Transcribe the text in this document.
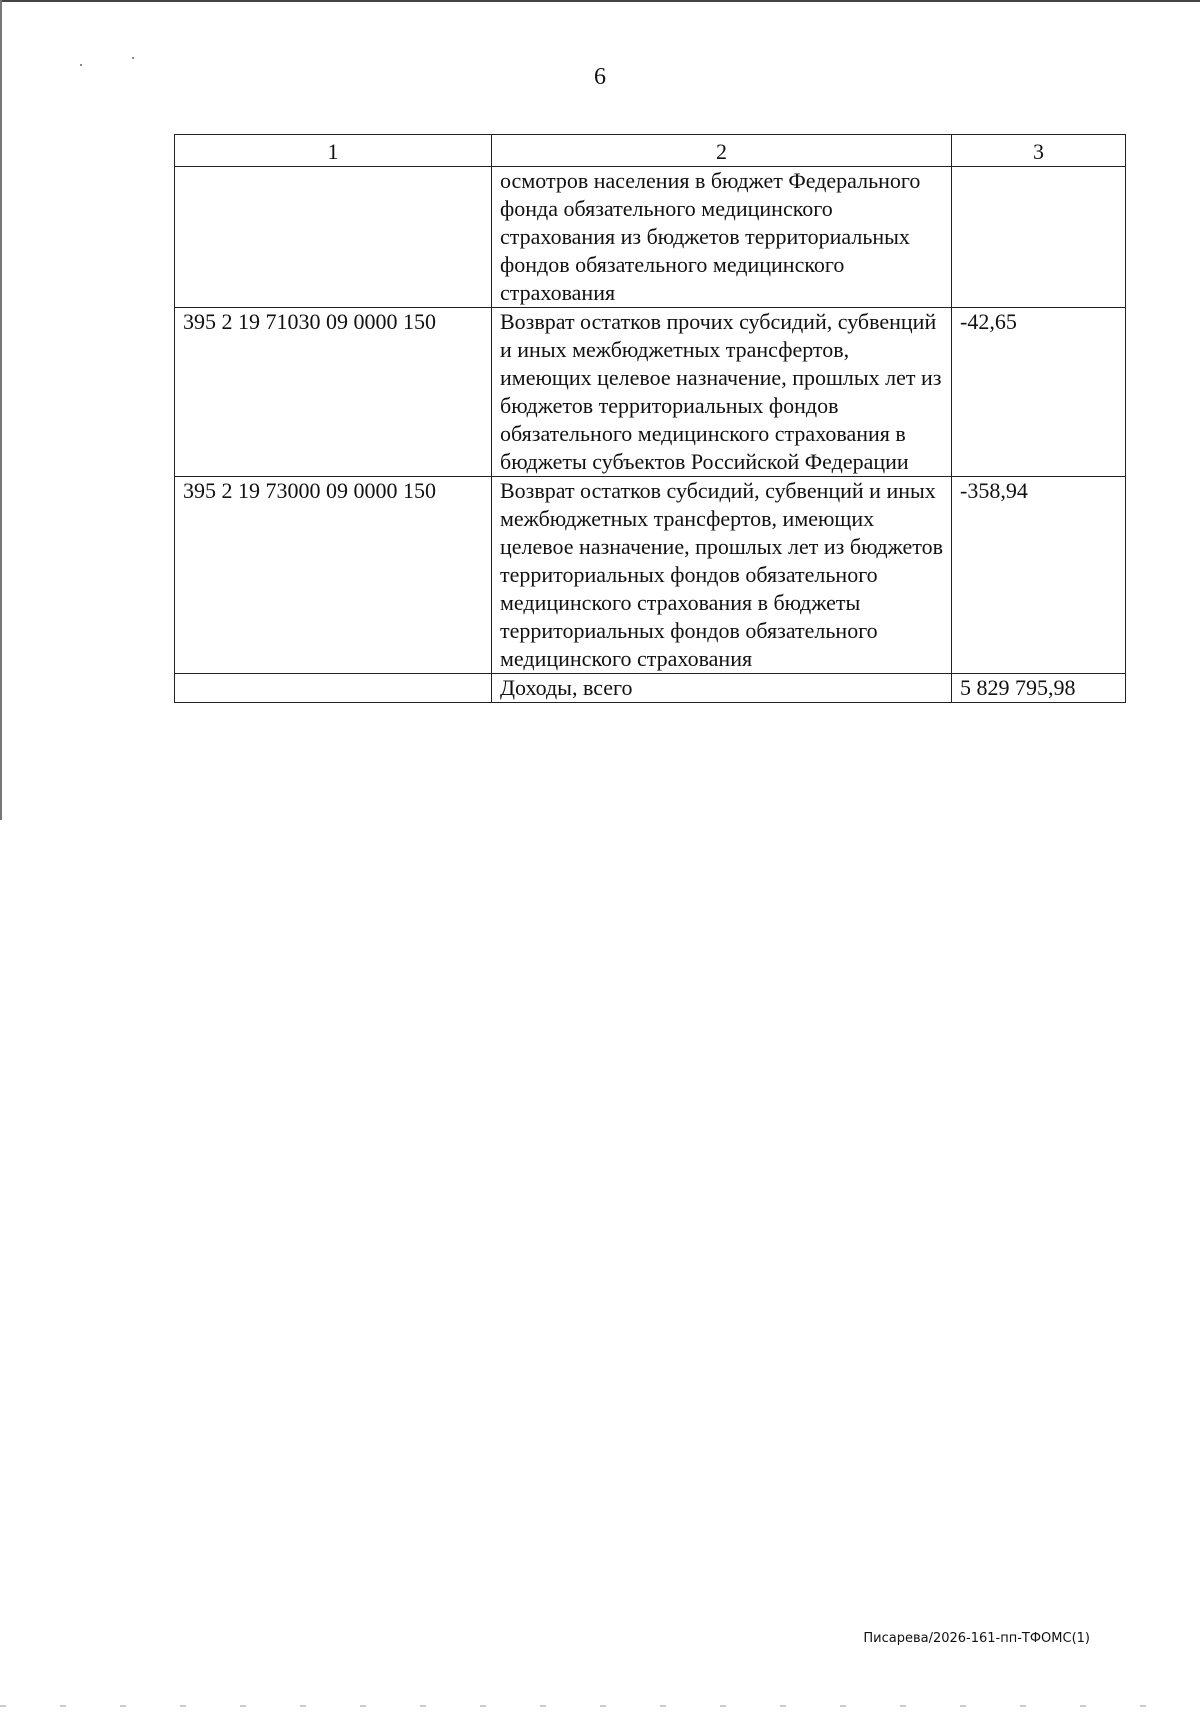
6
1	2	3
	осмотров населения в бюджет Федерального фонда обязательного медицинского страхования из бюджетов территориальных фондов обязательного медицинского страхования	
395 2 19 71030 09 0000 150	Возврат остатков прочих субсидий, субвенций и иных межбюджетных трансфертов, имеющих целевое назначение, прошлых лет из бюджетов территориальных фондов обязательного медицинского страхования в бюджеты субъектов Российской Федерации	-42,65
395 2 19 73000 09 0000 150	Возврат остатков субсидий, субвенций и иных межбюджетных трансфертов, имеющих целевое назначение, прошлых лет из бюджетов территориальных фондов обязательного медицинского страхования в бюджеты территориальных фондов обязательного медицинского страхования	-358,94
	Доходы, всего	5 829 795,98
Писарева/2026-161-пп-ТФОМС(1)
